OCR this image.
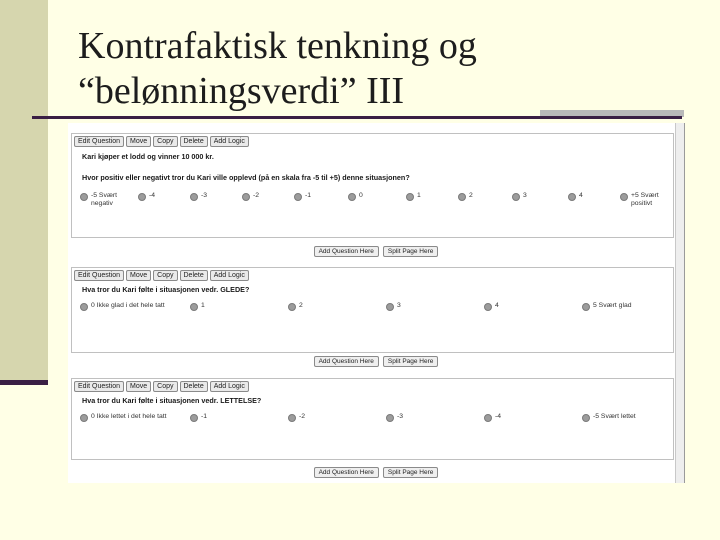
Kontrafaktisk tenkning og
“belønningsverdi” III
Edit Question	Move	Copy	Delete	Add Logic
Kari kjøper et lodd og vinner 10 000 kr.
Hvor positiv eller negativt tror du Kari ville opplevd (på en skala fra -5 til +5) denne situasjonen?
-5 Svært negativ
-4	-3	-2	-1	0	1	2	3	4	+5 Svært positivt
Add Question Here	Split Page Here
Edit Question	Move	Copy	Delete	Add Logic
Hva tror du Kari følte i situasjonen vedr. GLEDE?
0 Ikke glad i det hele tatt	1	2	3	4	5 Svært glad
Add Question Here	Split Page Here
Edit Question	Move	Copy	Delete	Add Logic
Hva tror du Kari følte i situasjonen vedr. LETTELSE?
0 Ikke lettet i det hele tatt	-1	-2	-3	-4	-5 Svært lettet
Add Question Here	Split Page Here
